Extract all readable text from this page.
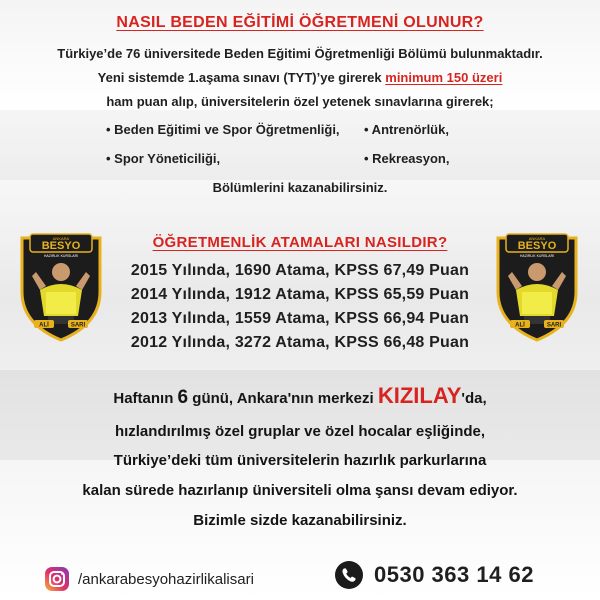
NASIL BEDEN EĞİTİMİ ÖĞRETMENİ OLUNUR?
Türkiye’de 76 üniversitede Beden Eğitimi Öğretmenliği Bölümü bulunmaktadır.
Yeni sistemde 1.aşama sınavı (TYT)’ye girerek minimum 150 üzeri
ham puan alıp, üniversitelerin özel yetenek sınavlarına girerek;
• Beden Eğitimi ve Spor Öğretmenliği, • Antrenörlük,
• Spor Yöneticiliği,	• Rekreasyon,
Bölümlerini kazanabilirsiniz.
ÖĞRETMENLİK ATAMALARI NASILDIR?
2015 Yılında, 1690 Atama, KPSS 67,49 Puan
2014 Yılında, 1912 Atama, KPSS 65,59 Puan
2013 Yılında, 1559 Atama, KPSS 66,94 Puan
2012 Yılında, 3272 Atama, KPSS 66,48 Puan
ANKARA
BESYO
HAZIRLIK KURSLARI
ALİ	SARI
ANKARA
BESYO
HAZIRLIK KURSLARI
ALİ	SARI
Haftanın 6 günü, Ankara'nın merkezi KIZILAY'da,
hızlandırılmış özel gruplar ve özel hocalar eşliğinde,
Türkiye’deki tüm üniversitelerin hazırlık parkurlarına
kalan sürede hazırlanıp üniversiteli olma şansı devam ediyor.
Bizimle sizde kazanabilirsiniz.
/ankarabesyohazirlikalisari	0530 363 14 62
